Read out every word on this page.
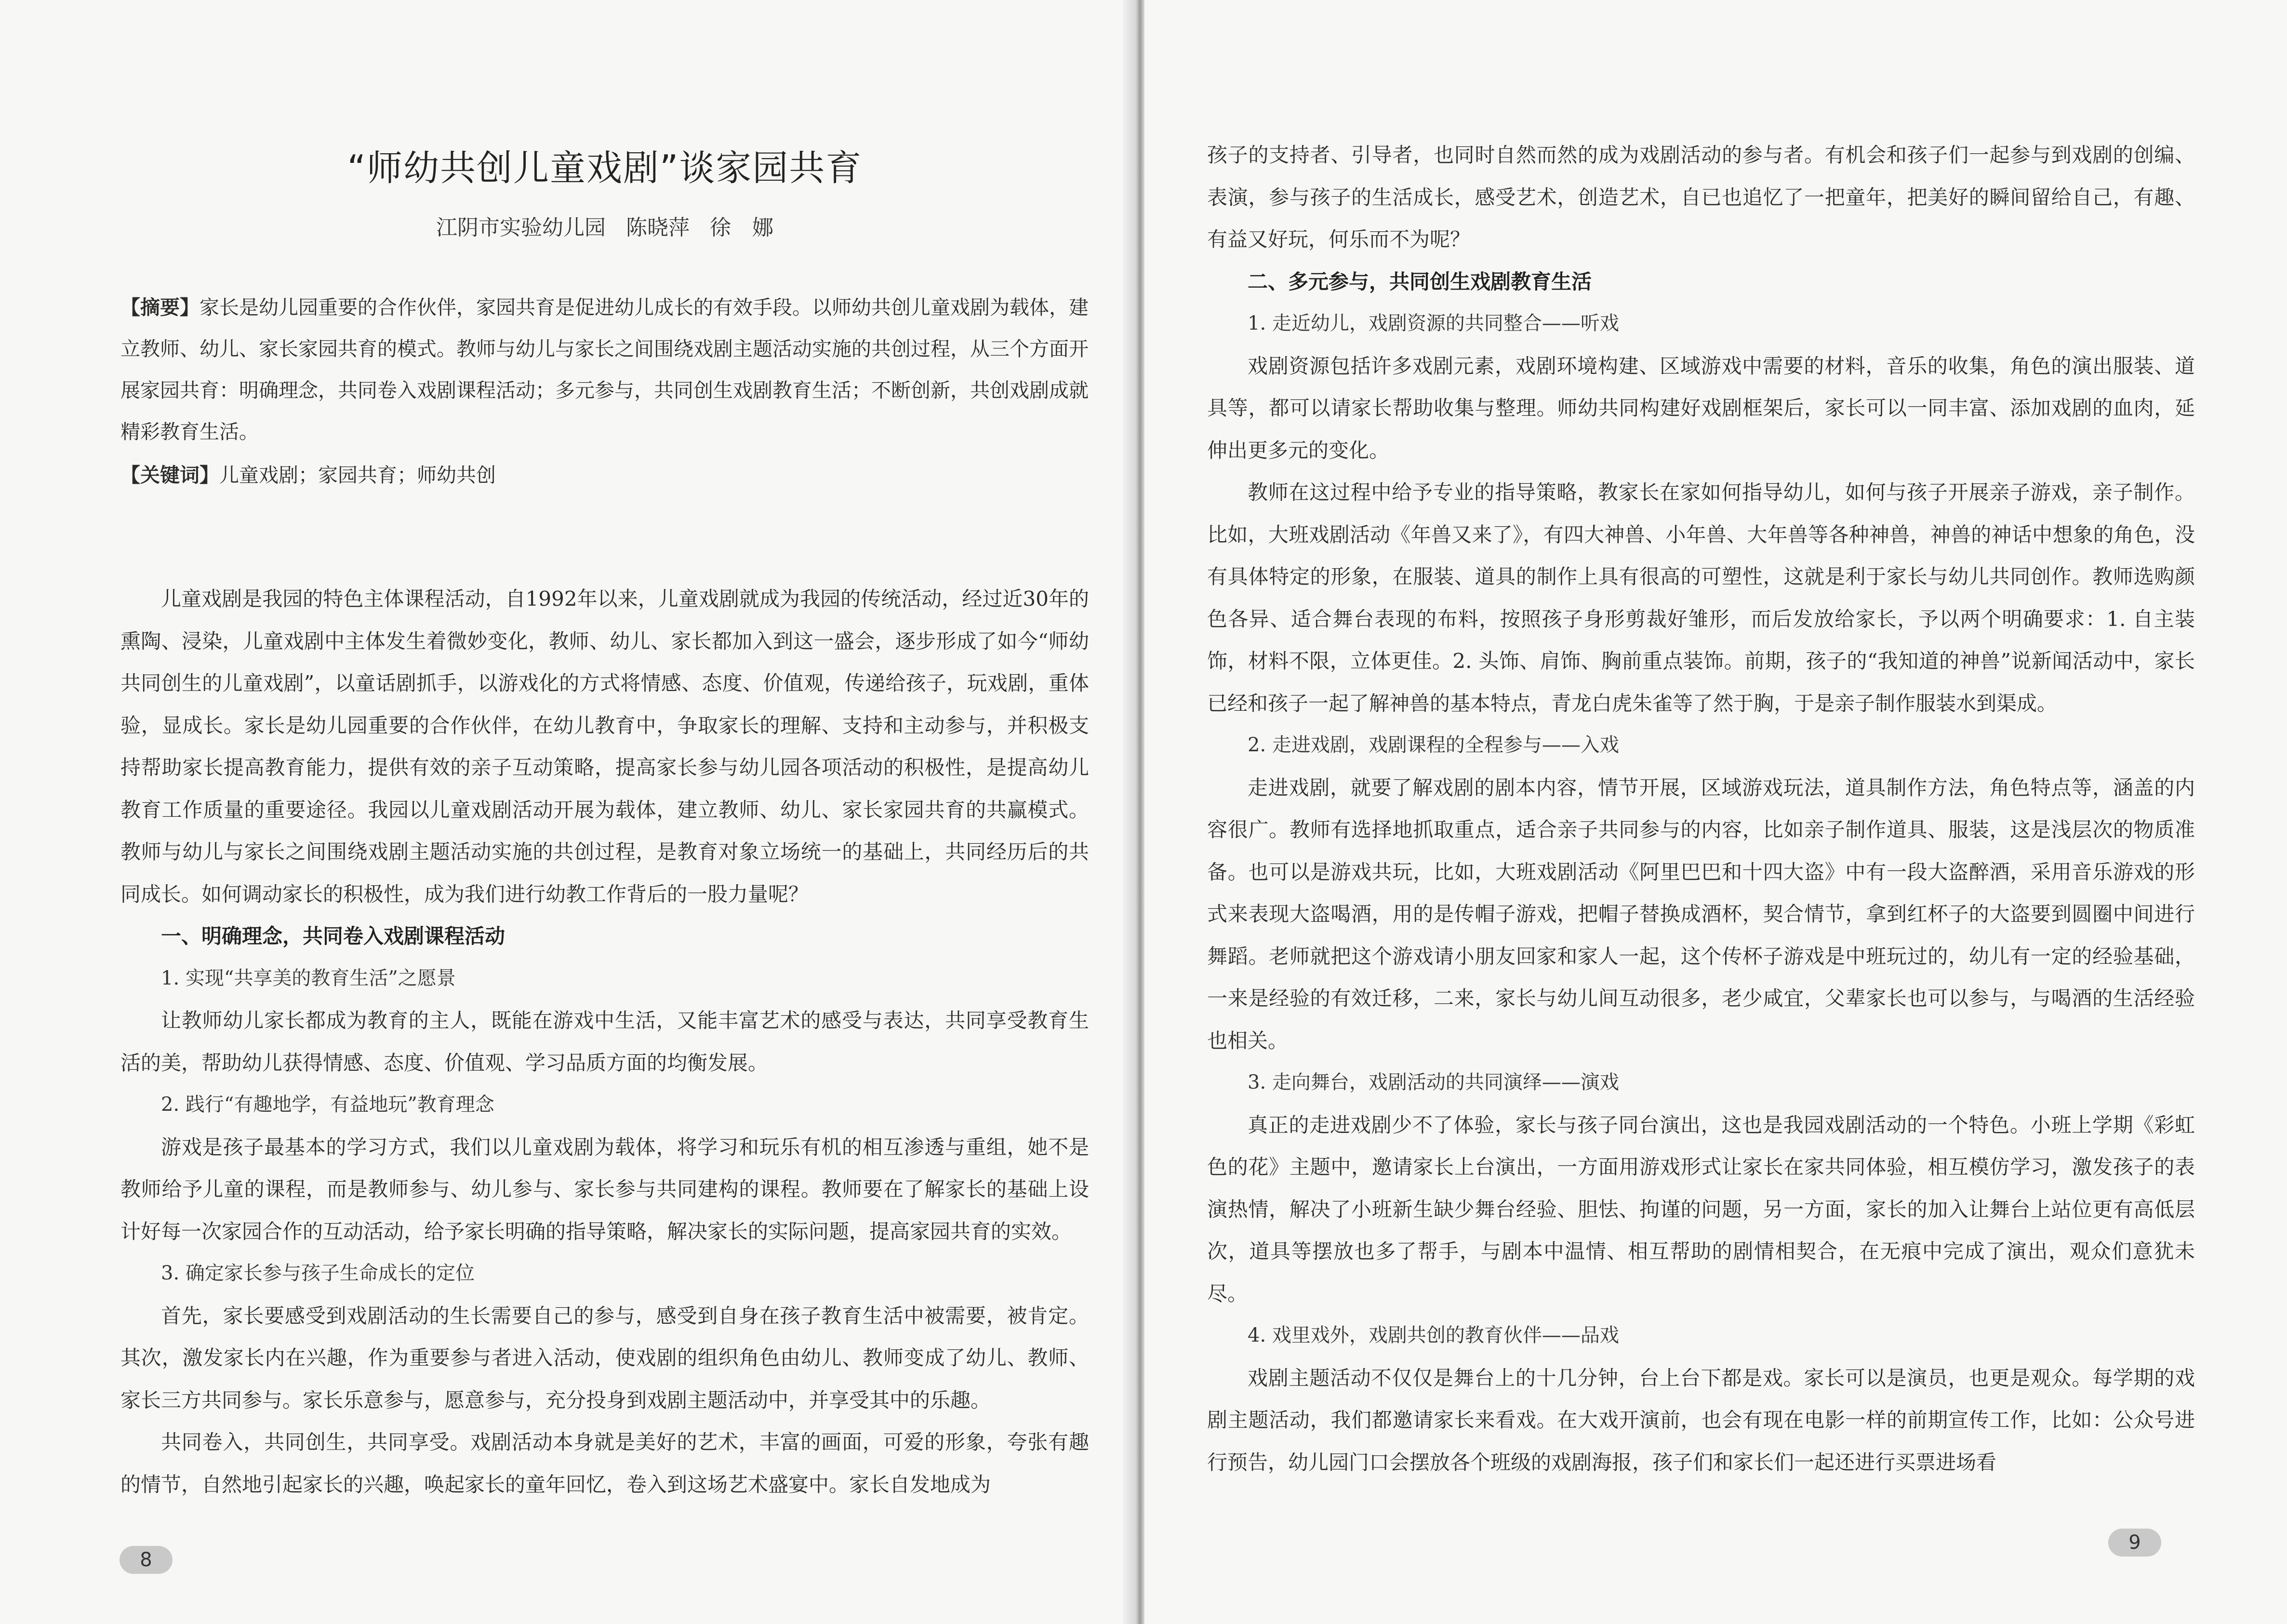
“师幼共创儿童戏剧”谈家园共育
江阴市实验幼儿园 陈晓萍 徐　娜

【摘要】家长是幼儿园重要的合作伙伴，家园共育是促进幼儿成长的有效手段。以师幼共创儿童戏剧为载体，建立教师、幼儿、家长家园共育的模式。教师与幼儿与家长之间围绕戏剧主题活动实施的共创过程，从三个方面开展家园共育：明确理念，共同卷入戏剧课程活动；多元参与，共同创生戏剧教育生活；不断创新，共创戏剧成就精彩教育生活。

【关键词】儿童戏剧；家园共育；师幼共创

儿童戏剧是我园的特色主体课程活动，自1992年以来，儿童戏剧就成为我园的传统活动，经过近30年的熏陶、浸染，儿童戏剧中主体发生着微妙变化，教师、幼儿、家长都加入到这一盛会，逐步形成了如今“师幼共同创生的儿童戏剧”，以童话剧抓手，以游戏化的方式将情感、态度、价值观，传递给孩子，玩戏剧，重体验，显成长。家长是幼儿园重要的合作伙伴，在幼儿教育中，争取家长的理解、支持和主动参与，并积极支持帮助家长提高教育能力，提供有效的亲子互动策略，提高家长参与幼儿园各项活动的积极性，是提高幼儿教育工作质量的重要途径。我园以儿童戏剧活动开展为载体，建立教师、幼儿、家长家园共育的共赢模式。教师与幼儿与家长之间围绕戏剧主题活动实施的共创过程，是教育对象立场统一的基础上，共同经历后的共同成长。如何调动家长的积极性，成为我们进行幼教工作背后的一股力量呢？

一、明确理念，共同卷入戏剧课程活动

1. 实现“共享美的教育生活”之愿景

让教师幼儿家长都成为教育的主人，既能在游戏中生活，又能丰富艺术的感受与表达，共同享受教育生活的美，帮助幼儿获得情感、态度、价值观、学习品质方面的均衡发展。

2. 践行“有趣地学，有益地玩”教育理念

游戏是孩子最基本的学习方式，我们以儿童戏剧为载体，将学习和玩乐有机的相互渗透与重组，她不是教师给予儿童的课程，而是教师参与、幼儿参与、家长参与共同建构的课程。教师要在了解家长的基础上设计好每一次家园合作的互动活动，给予家长明确的指导策略，解决家长的实际问题，提高家园共育的实效。

3. 确定家长参与孩子生命成长的定位

首先，家长要感受到戏剧活动的生长需要自己的参与，感受到自身在孩子教育生活中被需要，被肯定。其次，激发家长内在兴趣，作为重要参与者进入活动，使戏剧的组织角色由幼儿、教师变成了幼儿、教师、家长三方共同参与。家长乐意参与，愿意参与，充分投身到戏剧主题活动中，并享受其中的乐趣。

共同卷入，共同创生，共同享受。戏剧活动本身就是美好的艺术，丰富的画面，可爱的形象，夸张有趣的情节，自然地引起家长的兴趣，唤起家长的童年回忆，卷入到这场艺术盛宴中。家长自发地成为

8

孩子的支持者、引导者，也同时自然而然的成为戏剧活动的参与者。有机会和孩子们一起参与到戏剧的创编、表演，参与孩子的生活成长，感受艺术，创造艺术，自已也追忆了一把童年，把美好的瞬间留给自己，有趣、有益又好玩，何乐而不为呢？

二、多元参与，共同创生戏剧教育生活

1. 走近幼儿，戏剧资源的共同整合——听戏

戏剧资源包括许多戏剧元素，戏剧环境构建、区域游戏中需要的材料，音乐的收集，角色的演出服装、道具等，都可以请家长帮助收集与整理。师幼共同构建好戏剧框架后，家长可以一同丰富、添加戏剧的血肉，延伸出更多元的变化。

教师在这过程中给予专业的指导策略，教家长在家如何指导幼儿，如何与孩子开展亲子游戏，亲子制作。比如，大班戏剧活动《年兽又来了》，有四大神兽、小年兽、大年兽等各种神兽，神兽的神话中想象的角色，没有具体特定的形象，在服装、道具的制作上具有很高的可塑性，这就是利于家长与幼儿共同创作。教师选购颜色各异、适合舞台表现的布料，按照孩子身形剪裁好雏形，而后发放给家长，予以两个明确要求：1. 自主装饰，材料不限，立体更佳。2. 头饰、肩饰、胸前重点装饰。前期，孩子的“我知道的神兽”说新闻活动中，家长已经和孩子一起了解神兽的基本特点，青龙白虎朱雀等了然于胸，于是亲子制作服装水到渠成。

2. 走进戏剧，戏剧课程的全程参与——入戏

走进戏剧，就要了解戏剧的剧本内容，情节开展，区域游戏玩法，道具制作方法，角色特点等，涵盖的内容很广。教师有选择地抓取重点，适合亲子共同参与的内容，比如亲子制作道具、服装，这是浅层次的物质准备。也可以是游戏共玩，比如，大班戏剧活动《阿里巴巴和十四大盗》中有一段大盗醉酒，采用音乐游戏的形式来表现大盗喝酒，用的是传帽子游戏，把帽子替换成酒杯，契合情节，拿到红杯子的大盗要到圆圈中间进行舞蹈。老师就把这个游戏请小朋友回家和家人一起，这个传杯子游戏是中班玩过的，幼儿有一定的经验基础，一来是经验的有效迁移，二来，家长与幼儿间互动很多，老少咸宜，父辈家长也可以参与，与喝酒的生活经验也相关。

3. 走向舞台，戏剧活动的共同演绎——演戏

真正的走进戏剧少不了体验，家长与孩子同台演出，这也是我园戏剧活动的一个特色。小班上学期《彩虹色的花》主题中，邀请家长上台演出，一方面用游戏形式让家长在家共同体验，相互模仿学习，激发孩子的表演热情，解决了小班新生缺少舞台经验、胆怯、拘谨的问题，另一方面，家长的加入让舞台上站位更有高低层次，道具等摆放也多了帮手，与剧本中温情、相互帮助的剧情相契合，在无痕中完成了演出，观众们意犹未尽。

4. 戏里戏外，戏剧共创的教育伙伴——品戏

戏剧主题活动不仅仅是舞台上的十几分钟，台上台下都是戏。家长可以是演员，也更是观众。每学期的戏剧主题活动，我们都邀请家长来看戏。在大戏开演前，也会有现在电影一样的前期宣传工作，比如：公众号进行预告，幼儿园门口会摆放各个班级的戏剧海报，孩子们和家长们一起还进行买票进场看

9
